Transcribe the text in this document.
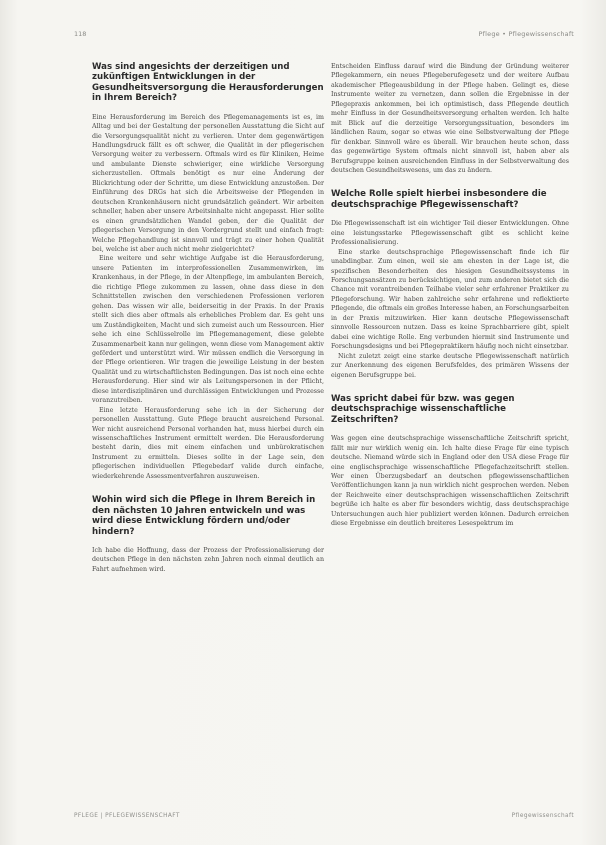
118	Pflege • Pflegewissenschaft
Was sind angesichts der derzeitigen und zukünftigen Entwicklungen in der Gesundheitsversorgung die Herausforderungen in Ihrem Bereich?

Eine Herausforderung im Bereich des Pflegemanagements ist es, im Alltag und bei der Gestaltung der personellen Ausstattung die Sicht auf die Versorgungsqualität nicht zu verlieren. Unter dem gegenwärtigen Handlungsdruck fällt es oft schwer, die Qualität in der pflegerischen Versorgung weiter zu verbessern. Oftmals wird es für Kliniken, Heime und ambulante Dienste schwieriger, eine wirkliche Versorgung sicherzustellen. Oftmals benötigt es nur eine Änderung der Blickrichtung oder der Schritte, um diese Entwicklung anzustoßen. Der Einführung des DRGs hat sich die Arbeitsweise der Pflegenden in deutschen Krankenhäusern nicht grundsätzlich geändert. Wir arbeiten schneller, haben aber unsere Arbeitsinhalte nicht angepasst. Hier sollte es einen grundsätzlichen Wandel geben, der die Qualität der pflegerischen Versorgung in den Vordergrund stellt und einfach fragt: Welche Pflegehandlung ist sinnvoll und trägt zu einer hohen Qualität bei, welche ist aber auch nicht mehr zielgerichtet?

Eine weitere und sehr wichtige Aufgabe ist die Herausforderung, unsere Patienten im interprofessionellen Zusammenwirken, im Krankenhaus, in der Pflege, in der Altenpflege, im ambulanten Bereich, die richtige Pflege zukommen zu lassen, ohne dass diese in den Schnittstellen zwischen den verschiedenen Professionen verloren gehen. Das wissen wir alle, beiderseitig in der Praxis. In der Praxis stellt sich dies aber oftmals als erhebliches Problem dar. Es geht uns um Zuständigkeiten, Macht und sich zumeist auch um Ressourcen. Hier sehe ich eine Schlüsselrolle im Pflegemanagement, diese gelebte Zusammenarbeit kann nur gelingen, wenn diese vom Management aktiv gefördert und unterstützt wird. Wir müssen endlich die Versorgung in der Pflege orientieren. Wir tragen die jeweilige Leistung in der besten Qualität und zu wirtschaftlichsten Bedingungen. Das ist noch eine echte Herausforderung. Hier sind wir als Leitungspersonen in der Pflicht, diese interdisziplinären und durchlässigen Entwicklungen und Prozesse voranzutreiben.

Eine letzte Herausforderung sehe ich in der Sicherung der personellen Ausstattung. Gute Pflege braucht ausreichend Personal. Wer nicht ausreichend Personal vorhanden hat, muss hierbei durch ein wissenschaftliches Instrument ermittelt werden. Die Herausforderung besteht darin, dies mit einem einfachen und unbürokratischen Instrument zu ermitteln. Dieses sollte in der Lage sein, den pflegerischen individuellen Pflegebedarf valide durch einfache, wiederkehrende Assessmentverfahren auszuweisen.

Wohin wird sich die Pflege in Ihrem Bereich in den nächsten 10 Jahren entwickeln und was wird diese Entwicklung fördern und/oder hindern?

Ich habe die Hoffnung, dass der Prozess der Professionalisierung der deutschen Pflege in den nächsten zehn Jahren noch einmal deutlich an Fahrt aufnehmen wird.

Entscheiden Einfluss darauf wird die Bindung der Gründung weiterer Pflegekammern, ein neues Pflegeberufegesetz und der weitere Aufbau akademischer Pflegeausbildung in der Pflege haben. Gelingt es, diese Instrumente weiter zu vernetzen, dann sollen die Ergebnisse in der Pflegepraxis ankommen, bei ich optimistisch, dass Pflegende deutlich mehr Einfluss in der Gesundheitsversorgung erhalten werden. Ich halte mit Blick auf die derzeitige Versorgungssituation, besonders im ländlichen Raum, sogar so etwas wie eine Selbstverwaltung der Pflege für denkbar. Sinnvoll wäre es überall. Wir brauchen heute schon, dass das gegenwärtige System oftmals nicht sinnvoll ist, haben aber als Berufsgruppe keinen ausreichenden Einfluss in der Selbstverwaltung des deutschen Gesundheitswesens, um das zu ändern.

Welche Rolle spielt hierbei insbesondere die deutschsprachige Pflegewissenschaft?

Die Pflegewissenschaft ist ein wichtiger Teil dieser Entwicklungen. Ohne eine leistungsstarke Pflegewissenschaft gibt es schlicht keine Professionalisierung.

Eine starke deutschsprachige Pflegewissenschaft finde ich für unabdingbar. Zum einen, weil sie am ehesten in der Lage ist, die spezifischen Besonderheiten des hiesigen Gesundheitssystems in Forschungsansätzen zu berücksichtigen, und zum anderen bietet sich die Chance mit vorantreibenden Teilhabe vieler sehr erfahrener Praktiker zu Pflegeforschung. Wir haben zahlreiche sehr erfahrene und reflektierte Pflegende, die oftmals ein großes Interesse haben, an Forschungsarbeiten in der Praxis mitzuwirken. Hier kann deutsche Pflegewissenschaft sinnvolle Ressourcen nutzen. Dass es keine Sprachbarriere gibt, spielt dabei eine wichtige Rolle. Eng verbunden hiermit sind Instrumente und Forschungsdesigns und bei Pflegepraktikern häufig noch nicht einsetzbar.

Nicht zuletzt zeigt eine starke deutsche Pflegewissenschaft natürlich zur Anerkennung des eigenen Berufsfeldes, des primären Wissens der eigenen Berufsgruppe bei.

Was spricht dabei für bzw. was gegen deutschsprachige wissenschaftliche Zeitschriften?

Was gegen eine deutschsprachige wissenschaftliche Zeitschrift spricht, fällt mir nur wirklich wenig ein. Ich halte diese Frage für eine typisch deutsche. Niemand würde sich in England oder den USA diese Frage für eine englischsprachige wissenschaftliche Pflegefachzeitschrift stellen. Wer einen Überzugsbedarf an deutschen pflegewissenschaftlichen Veröffentlichungen kann ja nun wirklich nicht gesprochen werden. Neben der Reichweite einer deutschsprachigen wissenschaftlichen Zeitschrift begrüße ich halte es aber für besonders wichtig, dass deutschsprachige Untersuchungen auch hier publiziert werden können. Dadurch erreichen diese Ergebnisse ein deutlich breiteres Lesespektrum im

PFLEGE | PFLEGEWISSENSCHAFT	Pflegewissenschaft
